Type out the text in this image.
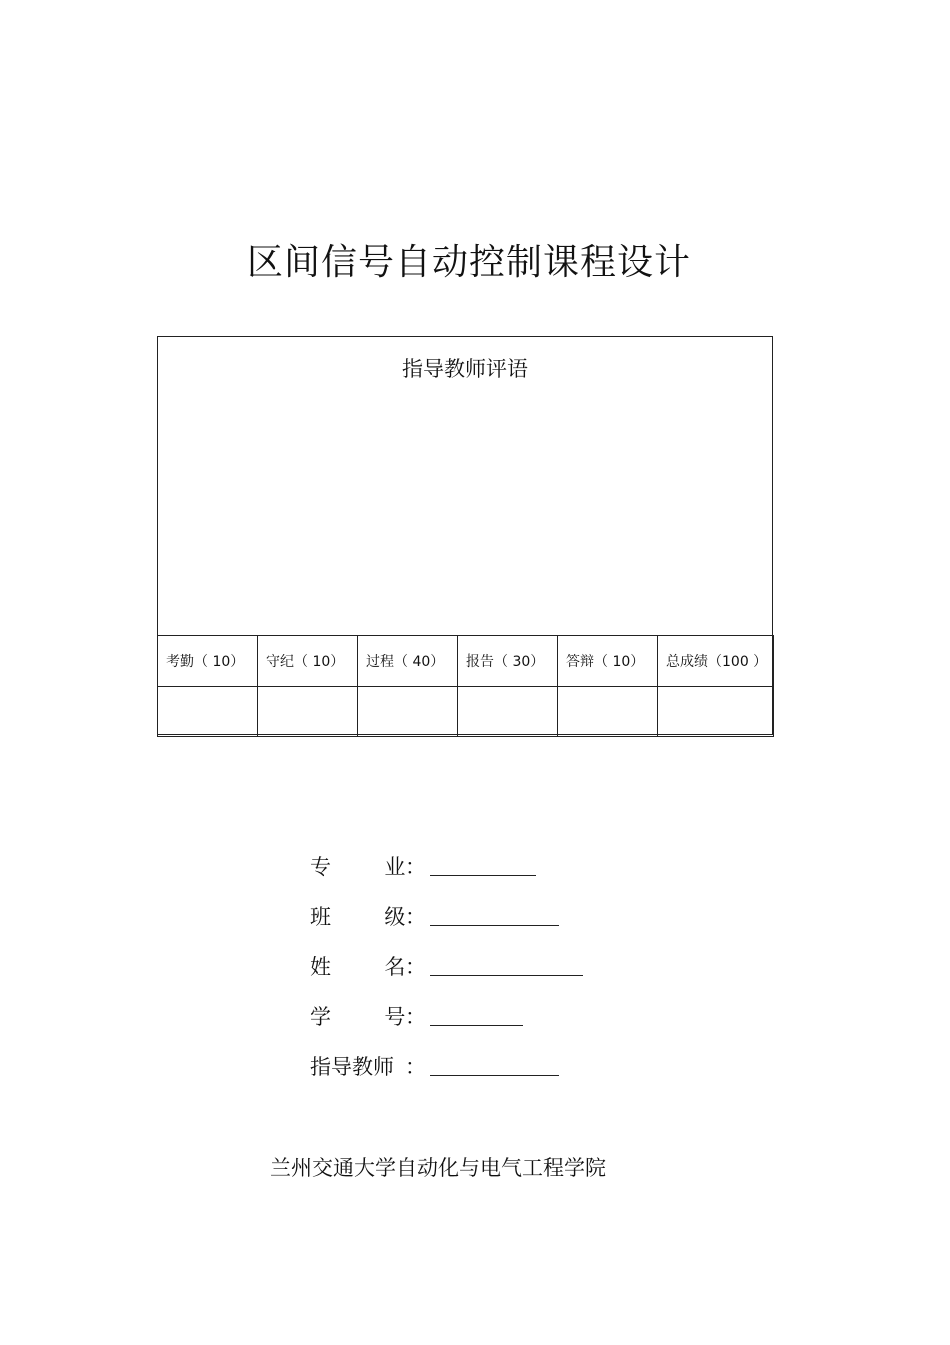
区间信号自动控制课程设计
指导教师评语
考勤（ 10）	守纪（ 10）	过程（ 40）	报告（ 30）	答辩（ 10）	总成绩（100 ）

专        业 ：
班        级 ：
姓        名 ：
学        号 ：
指导教师 ：
兰州交通大学自动化与电气工程学院
